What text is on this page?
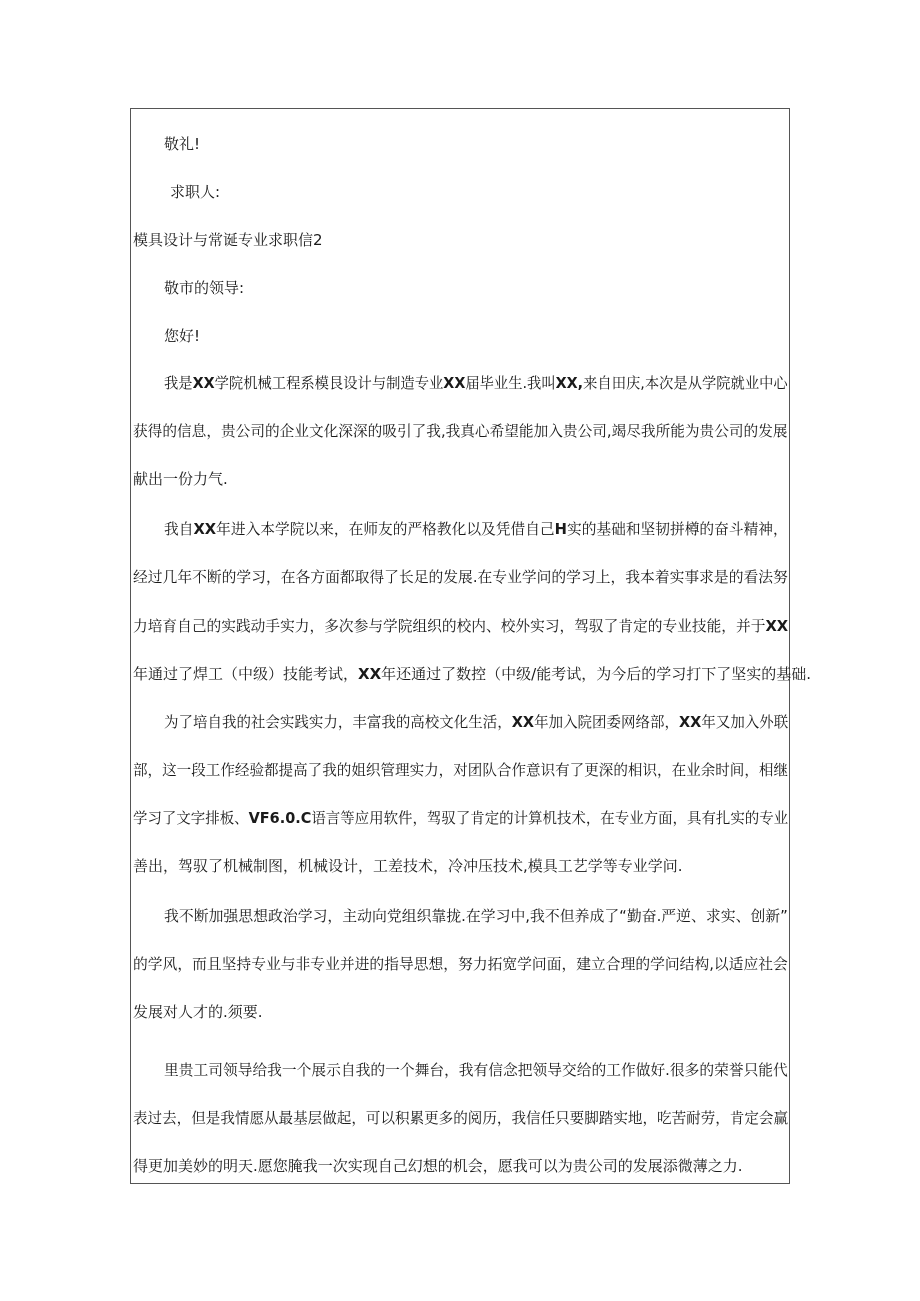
敬礼!
求职人:
模具设计与常诞专业求职信2
敬市的领导:
您好!
我是XX学院机械工程系模艮设计与制造专业XX届毕业生.我叫XX,来自田庆,本次是从学院就业中心
获得的信息，贵公司的企业文化深深的吸引了我,我真心希望能加入贵公司,竭尽我所能为贵公司的发展
献出一份力气.
我自XX年进入本学院以来，在师友的严格教化以及凭借自己H实的基础和坚韧拼樽的奋斗精神，
经过几年不断的学习，在各方面都取得了长足的发展.在专业学问的学习上，我本着实事求是的看法努
力培育自己的实践动手实力，多次参与学院组织的校内、校外实习，驾驭了肯定的专业技能，并于XX
年通过了焊工（中级）技能考试，XX年还通过了数控（中级/能考试，为今后的学习打下了坚实的基础.
为了培自我的社会实践实力，丰富我的高校文化生活，XX年加入院团委网络部，XX年又加入外联
部，这一段工作经验都提高了我的姐织管理实力，对团队合作意识有了更深的相识，在业余时间，相继
学习了文字排板、VF6.0.C语言等应用软件，驾驭了肯定的计算机技术，在专业方面，具有扎实的专业
善出，驾驭了机械制图，机械设计，工差技术，冷冲压技术,模具工艺学等专业学问.
我不断加强思想政治学习，主动向党组织靠拢.在学习中,我不但养成了“勤奋.严逆、求实、创新”
的学风，而且坚持专业与非专业并进的指导思想，努力拓宽学问面，建立合理的学问结构,以适应社会
发展对人才的.须要.
里贵工司领导给我一个展示自我的一个舞台，我有信念把领导交给的工作做好.很多的荣誉只能代
表过去，但是我情愿从最基层做起，可以积累更多的阅历，我信任只要脚踏实地，吃苦耐劳，肯定会赢
得更加美妙的明天.愿您腌我一次实现自己幻想的机会，愿我可以为贵公司的发展添微薄之力.
